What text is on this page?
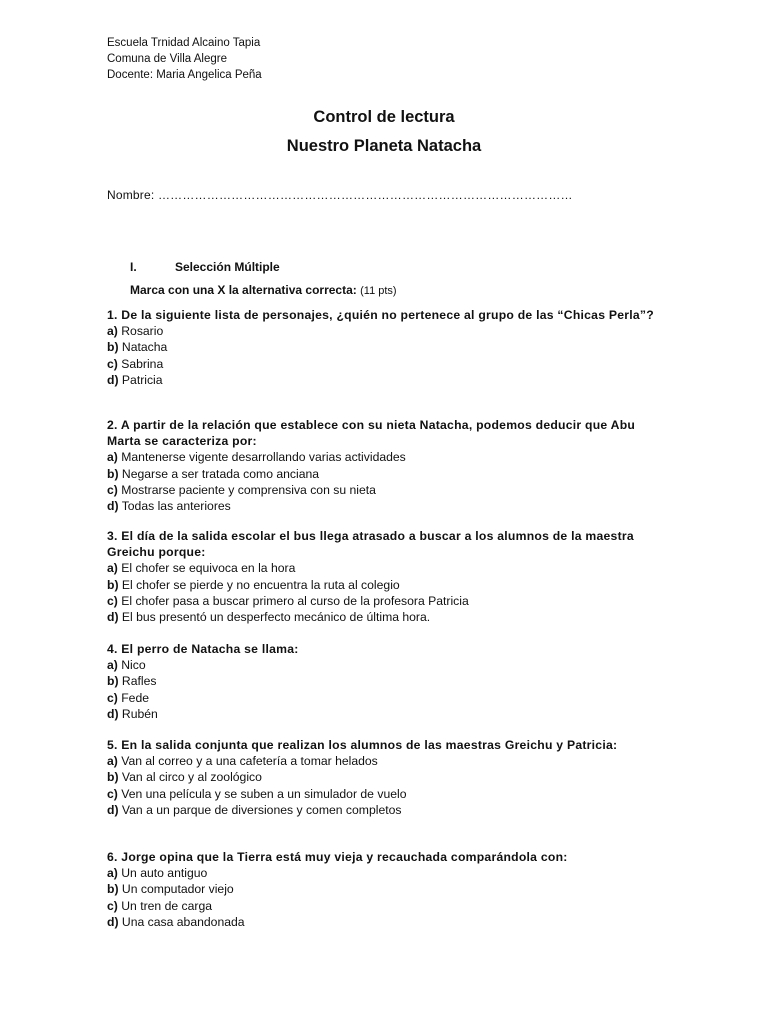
Escuela Trnidad Alcaino Tapia
Comuna de Villa Alegre
Docente: Maria Angelica Peña
Control de lectura
Nuestro Planeta Natacha
Nombre: …………………………………………………………………………………………
I.	Selección Múltiple
Marca con una X la alternativa correcta: (11 pts)
1. De la siguiente lista de personajes, ¿quién no pertenece al grupo de las “Chicas Perla”?
a) Rosario
b) Natacha
c) Sabrina
d) Patricia
2. A partir de la relación que establece con su nieta Natacha, podemos deducir que Abu Marta se caracteriza por:
a) Mantenerse vigente desarrollando varias actividades
b) Negarse a ser tratada como anciana
c) Mostrarse paciente y comprensiva con su nieta
d) Todas las anteriores
3. El día de la salida escolar el bus llega atrasado a buscar a los alumnos de la maestra Greichu porque:
a) El chofer se equivoca en la hora
b) El chofer se pierde y no encuentra la ruta al colegio
c) El chofer pasa a buscar primero al curso de la profesora Patricia
d) El bus presentó un desperfecto mecánico de última hora.
4. El perro de Natacha se llama:
a) Nico
b) Rafles
c) Fede
d) Rubén
5. En la salida conjunta que realizan los alumnos de las maestras Greichu y Patricia:
a) Van al correo y a una cafetería a tomar helados
b) Van al circo y al zoológico
c) Ven una película y se suben a un simulador de vuelo
d) Van a un parque de diversiones y comen completos
6. Jorge opina que la Tierra está muy vieja y recauchada comparándola con:
a) Un auto antiguo
b) Un computador viejo
c) Un tren de carga
d) Una casa abandonada
